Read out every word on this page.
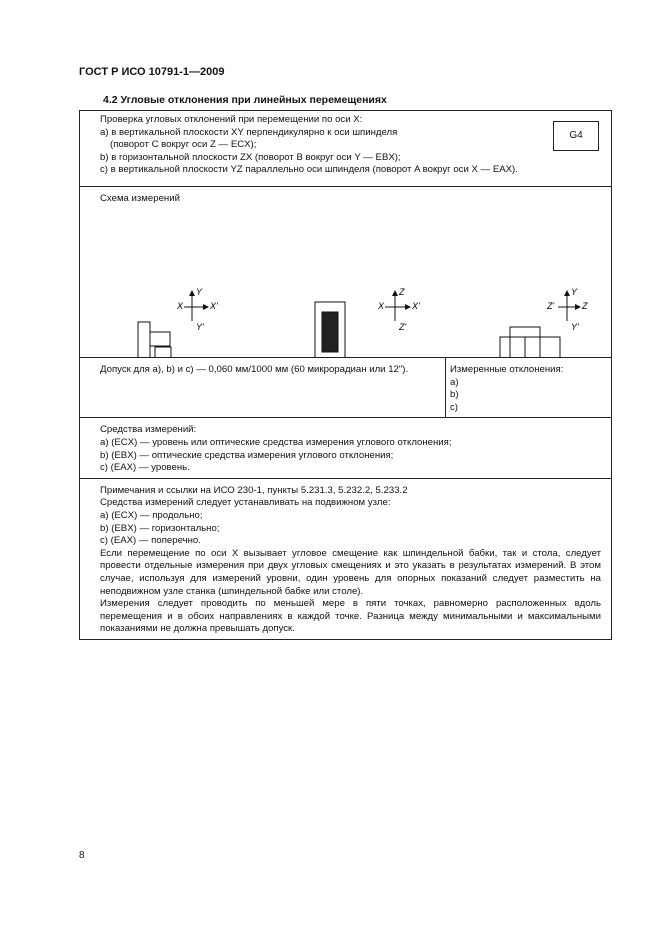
ГОСТ Р ИСО 10791-1—2009
4.2 Угловые отклонения при линейных перемещениях

Проверка угловых отклонений при перемещении по оси X:

а) в вертикальной плоскости XY перпендикулярно к оси шпинделя

(поворот C вокруг оси Z — ECX);

b) в горизонтальной плоскости ZX (поворот B вокруг оси Y — EBX);

c) в вертикальной плоскости YZ параллельно оси шпинделя (поворот A вокруг оси X — EAX).

G4

Схема измерений
X	X'
Y
Y'
X	X'
Z
Z'
Z'	Z
Y
Y'

Допуск для a), b) и c) — 0,060 мм/1000 мм (60 микрорадиан или 12").	Измеренные отклонения:

a)

b)

c)

Средства измерений:

a) (ECX) — уровень или оптические средства измерения углового отклонения;

b) (EBX) — оптические средства измерения углового отклонения;

c) (EAX) — уровень.

Примечания и ссылки на ИСО 230-1, пункты 5.231.3, 5.232.2, 5.233.2

Средства измерений следует устанавливать на подвижном узле:

a) (ECX) — продольно;

b) (EBX) — горизонтально;

c) (EAX) — поперечно.

Если перемещение по оси X вызывает угловое смещение как шпиндельной бабки, так и стола, следует провести отдельные измерения при двух угловых смещениях и это указать в результатах измерений. В этом случае, используя для измерений уровни, один уровень для опорных показаний следует разместить на неподвижном узле станка (шпиндельной бабке или столе).

Измерения следует проводить по меньшей мере в пяти точках, равномерно расположенных вдоль перемещения и в обоих направлениях в каждой точке. Разница между минимальными и максимальными показаниями не должна превышать допуск.

8
